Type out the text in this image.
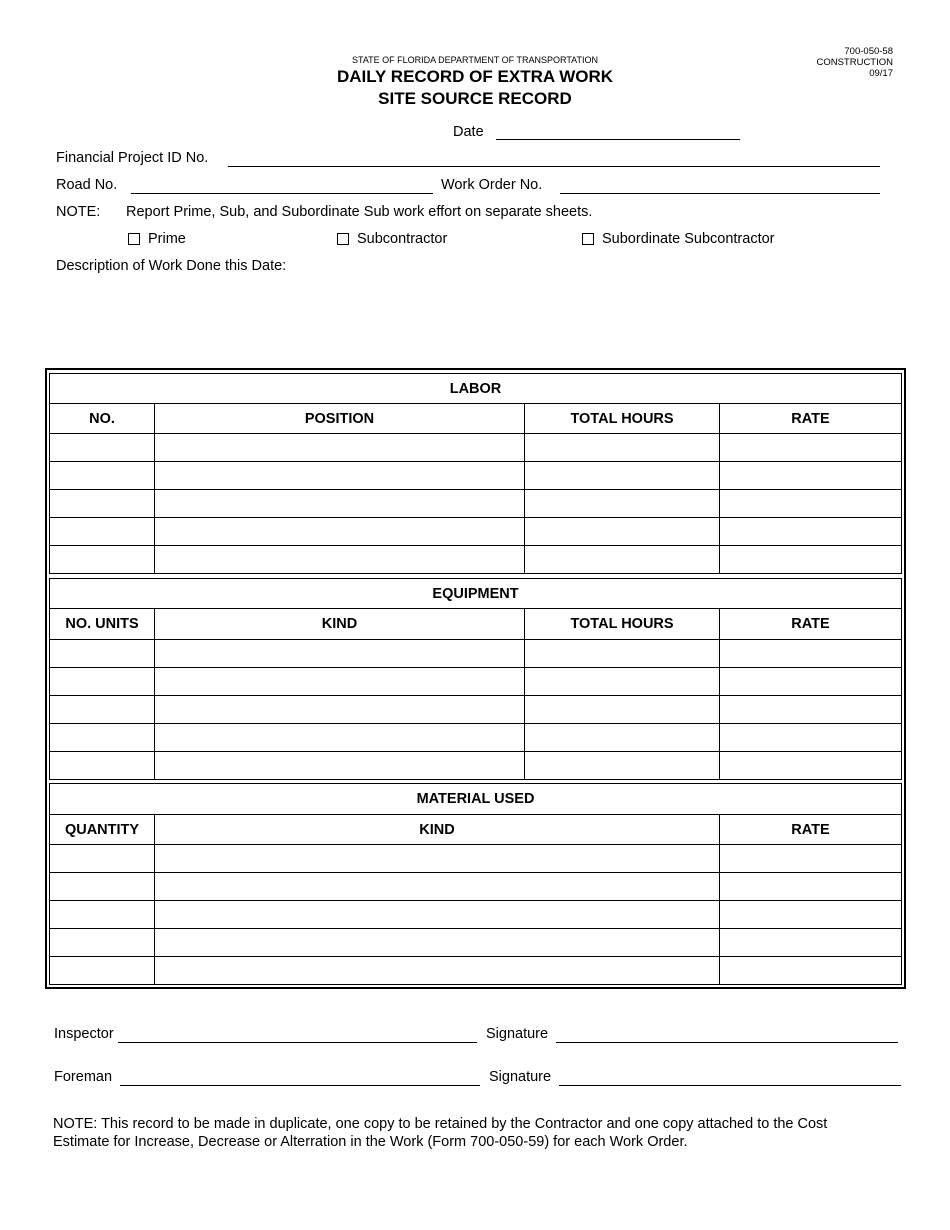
STATE OF FLORIDA DEPARTMENT OF TRANSPORTATION
DAILY RECORD OF EXTRA WORK
SITE SOURCE RECORD
700-050-58
CONSTRUCTION
09/17
Date
Financial Project ID No.
Road No.	Work Order No.
NOTE: Report Prime, Sub, and Subordinate Sub work effort on separate sheets.
Prime	Subcontractor	Subordinate Subcontractor
Description of Work Done this Date:
LABOR			
NO.	POSITION	TOTAL HOURS	RATE

EQUIPMENT			
NO. UNITS	KIND	TOTAL HOURS	RATE

MATERIAL USED		
QUANTITY	KIND	RATE

Inspector	Signature
Foreman	Signature
NOTE: This record to be made in duplicate, one copy to be retained by the Contractor and one copy attached to the Cost
Estimate for Increase, Decrease or Alterration in the Work (Form 700-050-59) for each Work Order.
